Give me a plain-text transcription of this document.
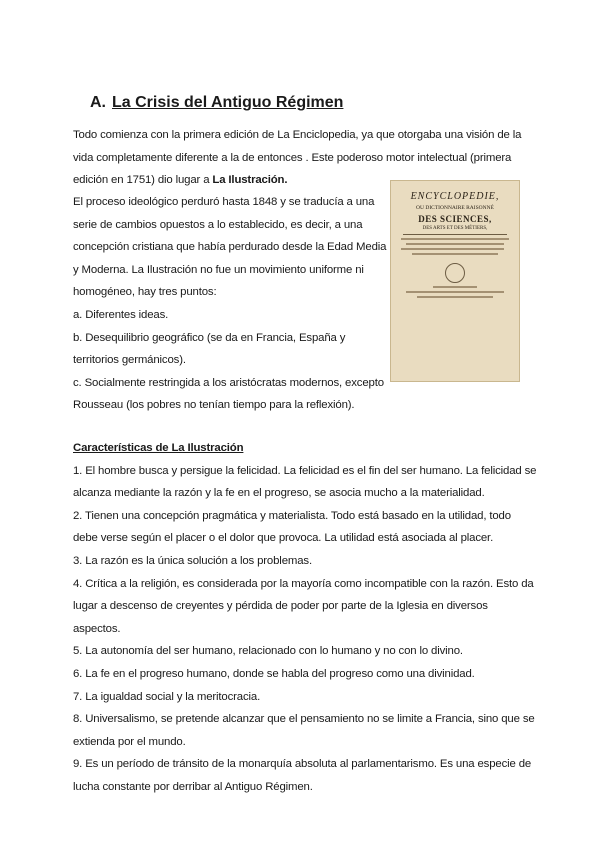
A. La Crisis del Antiguo Régimen

Todo comienza con la primera edición de La Enciclopedia, ya que otorgaba una visión de la vida completamente diferente a la de entonces . Este poderoso motor intelectual (primera edición en 1751) dio lugar a La Ilustración.

El proceso ideológico perduró hasta 1848 y se traducía a una serie de cambios opuestos a lo establecido, es decir, a una concepción cristiana que había perdurado desde la Edad Media y Moderna. La Ilustración no fue un movimiento uniforme ni homogéneo, hay tres puntos:

a. Diferentes ideas.

b. Desequilibrio geográfico (se da en Francia, España y territorios germánicos).

c. Socialmente restringida a los aristócratas modernos, excepto Rousseau (los pobres no tenían tiempo para la reflexión).

ENCYCLOPEDIE,
OU DICTIONNAIRE RAISONNÉ
DES SCIENCES,
DES ARTS ET DES MÉTIERS,

Características de La Ilustración

1. El hombre busca y persigue la felicidad. La felicidad es el fin del ser humano. La felicidad se alcanza mediante la razón y la fe en el progreso, se asocia mucho a la materialidad.

2. Tienen una concepción pragmática y materialista. Todo está basado en la utilidad, todo debe verse según el placer o el dolor que provoca. La utilidad está asociada al placer.

3. La razón es la única solución a los problemas.

4. Crítica a la religión, es considerada por la mayoría como incompatible con la razón. Esto da lugar a descenso de creyentes y pérdida de poder por parte de la Iglesia en diversos aspectos.

5. La autonomía del ser humano, relacionado con lo humano y no con lo divino.

6. La fe en el progreso humano, donde se habla del progreso como una divinidad.

7. La igualdad social y la meritocracia.

8. Universalismo, se pretende alcanzar que el pensamiento no se limite a Francia, sino que se extienda por el mundo.

9. Es un período de tránsito de la monarquía absoluta al parlamentarismo. Es una especie de lucha constante por derribar al Antiguo Régimen.
